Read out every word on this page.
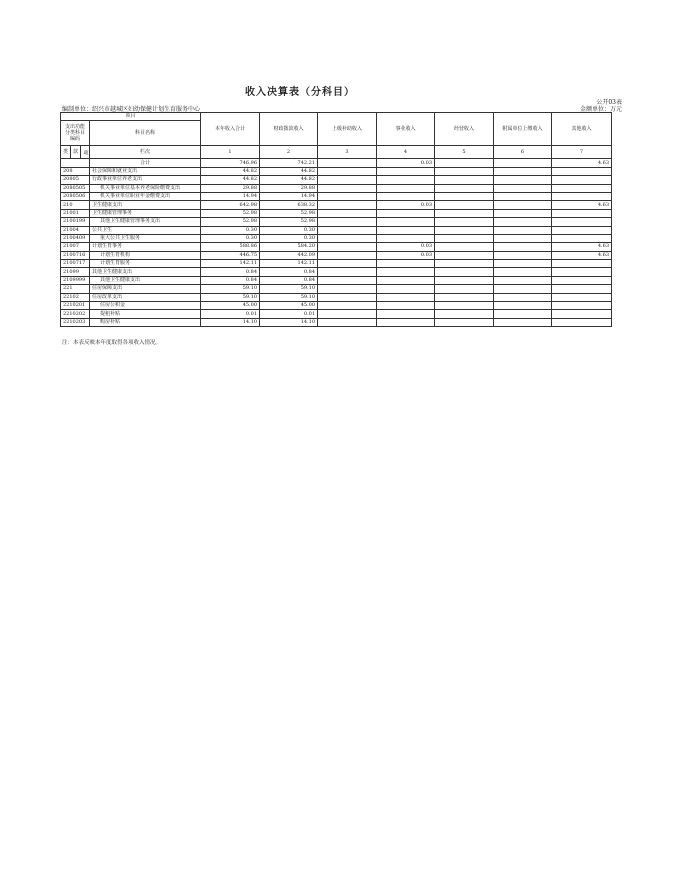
收入决算表（分科目）
公开03表
编制单位：绍兴市越城区妇幼保健计划生育服务中心	金额单位：万元
项目				本年收入合计	财政拨款收入	上级补助收入	事业收入	经营收入	附属单位上缴收入	其他收入
支出功能分类科目编码			科目名称							

类	款	项								
			栏次	1	2	3	4	5	6	7
			合计	746.96	742.21		0.03			4.63
208			社会保障和就业支出	44.82	44.82					
20805			行政事业单位养老支出	44.82	44.82					
2080505			机关事业单位基本养老保险缴费支出	29.88	29.88					
2080506			机关事业单位职业年金缴费支出	14.94	14.94					
210			卫生健康支出	642.98	638.32		0.03			4.63
21001			卫生健康管理事务	52.98	52.98					
2100199			其他卫生健康管理事务支出	52.98	52.98					
21004			公共卫生	0.30	0.30					
2100409			重大公共卫生服务	0.30	0.30					
21007			计划生育事务	588.86	584.20		0.03			4.63
2100716			计划生育机构	446.75	442.09		0.03			4.63
2100717			计划生育服务	142.11	142.11					
21099			其他卫生健康支出	0.84	0.84					
2109999			其他卫生健康支出	0.84	0.84					
221			住房保障支出	59.10	59.10					
22102			住房改革支出	59.10	59.10					
2210201			住房公积金	45.00	45.00					
2210202			提租补贴	0.01	0.01					
2210203			购房补贴	14.10	14.10					
注：本表反映本年度取得各项收入情况。
